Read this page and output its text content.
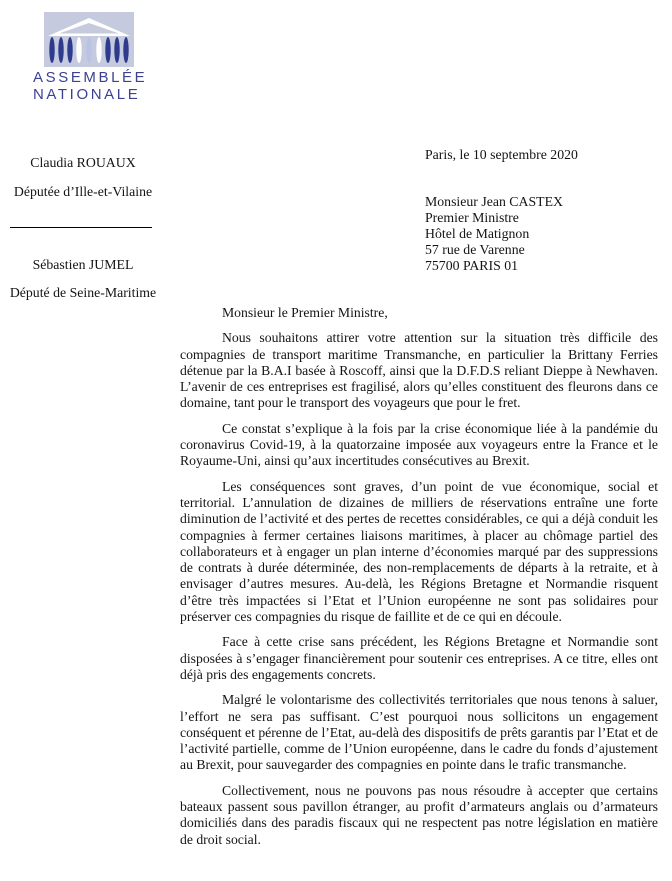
ASSEMBLÉE
NATIONALE
Claudia ROUAUX
Députée d’Ille-et-Vilaine
Sébastien JUMEL
Député de Seine-Maritime
Paris, le 10 septembre 2020
Monsieur Jean CASTEX
Premier Ministre
Hôtel de Matignon
57 rue de Varenne
75700 PARIS 01
Monsieur le Premier Ministre,

Nous souhaitons attirer votre attention sur la situation très difficile des compagnies de transport maritime Transmanche, en particulier la Brittany Ferries détenue par la B.A.I basée à Roscoff, ainsi que la D.F.D.S reliant Dieppe à Newhaven. L’avenir de ces entreprises est fragilisé, alors qu’elles constituent des fleurons dans ce domaine, tant pour le transport des voyageurs que pour le fret.

Ce constat s’explique à la fois par la crise économique liée à la pandémie du coronavirus Covid-19, à la quatorzaine imposée aux voyageurs entre la France et le Royaume-Uni, ainsi qu’aux incertitudes consécutives au Brexit.

Les conséquences sont graves, d’un point de vue économique, social et territorial. L’annulation de dizaines de milliers de réservations entraîne une forte diminution de l’activité et des pertes de recettes considérables, ce qui a déjà conduit les compagnies à fermer certaines liaisons maritimes, à placer au chômage partiel des collaborateurs et à engager un plan interne d’économies marqué par des suppressions de contrats à durée déterminée, des non-remplacements de départs à la retraite, et à envisager d’autres mesures. Au-delà, les Régions Bretagne et Normandie risquent d’être très impactées si l’Etat et l’Union européenne ne sont pas solidaires pour préserver ces compagnies du risque de faillite et de ce qui en découle.

Face à cette crise sans précédent, les Régions Bretagne et Normandie sont disposées à s’engager financièrement pour soutenir ces entreprises. A ce titre, elles ont déjà pris des engagements concrets.

Malgré le volontarisme des collectivités territoriales que nous tenons à saluer, l’effort ne sera pas suffisant. C’est pourquoi nous sollicitons un engagement conséquent et pérenne de l’Etat, au-delà des dispositifs de prêts garantis par l’Etat et de l’activité partielle, comme de l’Union européenne, dans le cadre du fonds d’ajustement au Brexit, pour sauvegarder des compagnies en pointe dans le trafic transmanche.

Collectivement, nous ne pouvons pas nous résoudre à accepter que certains bateaux passent sous pavillon étranger, au profit d’armateurs anglais ou d’armateurs domiciliés dans des paradis fiscaux qui ne respectent pas notre législation en matière de droit social.
